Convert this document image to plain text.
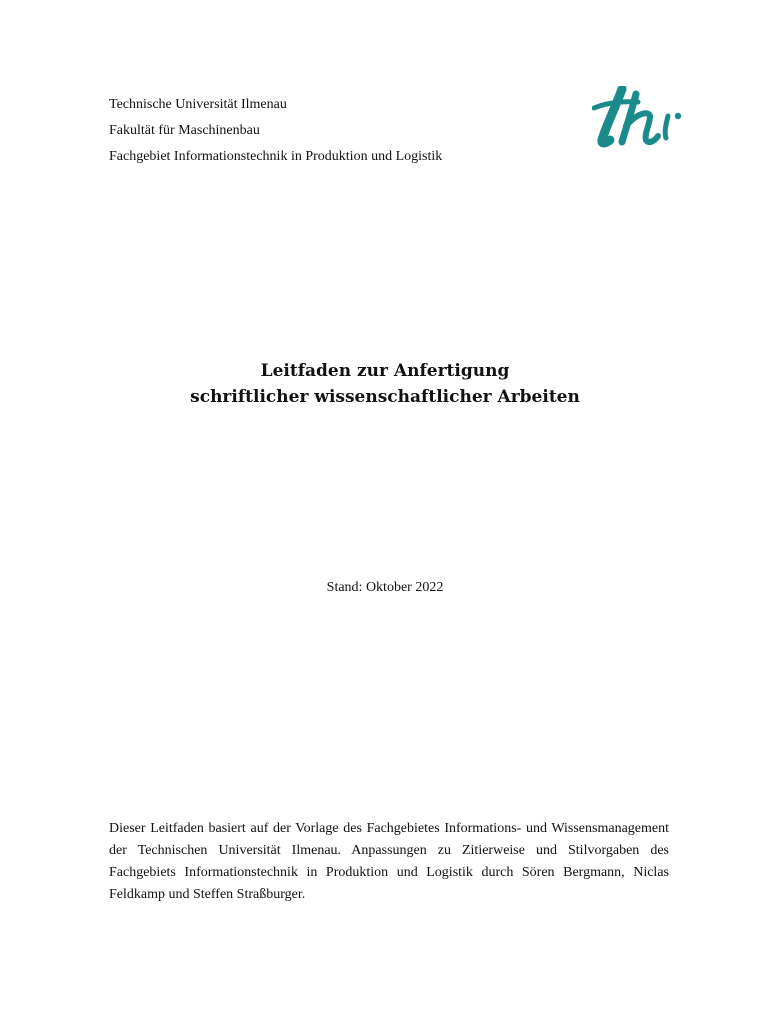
Technische Universität Ilmenau
Fakultät für Maschinenbau
Fachgebiet Informationstechnik in Produktion und Logistik
Leitfaden zur Anfertigung
schriftlicher wissenschaftlicher Arbeiten
Stand: Oktober 2022
Dieser Leitfaden basiert auf der Vorlage des Fachgebietes Informations- und Wissensmanagement der Technischen Universität Ilmenau. Anpassungen zu Zitierweise und Stilvorgaben des Fachgebiets Informationstechnik in Produktion und Logistik durch Sören Bergmann, Niclas Feldkamp und Steffen Straßburger.
